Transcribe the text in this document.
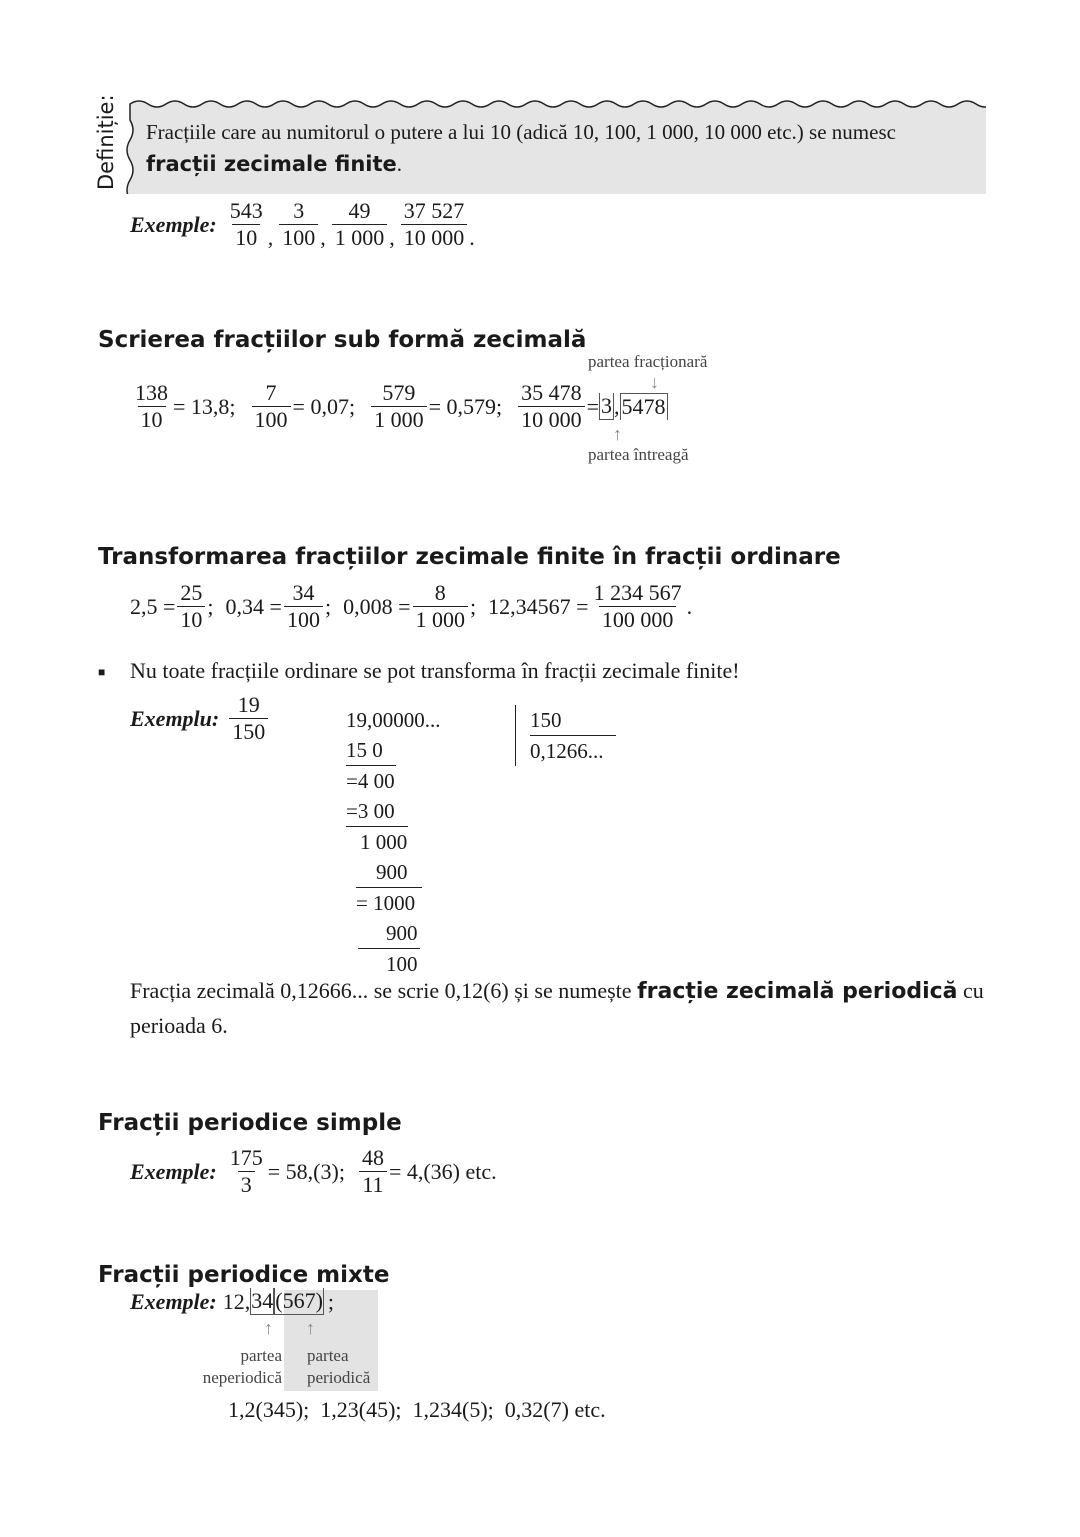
Definiție: Fracțiile care au numitorul o putere a lui 10 (adică 10, 100, 1 000, 10 000 etc.) se numesc
fracții zecimale finite.
Exemple: $\frac{543}{10}$ , $\frac{3}{100}$ , $\frac{49}{1 000}$ , $\frac{37 527}{10 000}$ .
Scrierea fracțiilor sub formă zecimală
partea fracționară
↓
$\frac{138}{10} = 13,8$; $\frac{7}{100} = 0,07$; $\frac{579}{1 000} = 0,579$; $\frac{35 478}{10 000} = 3$ , 5478
↑
partea întreagă
Transformarea fracțiilor zecimale finite în fracții ordinare
$2,5 = \frac{25}{10}$ ; $0,34 = \frac{34}{100}$ ; $0,008 = \frac{8}{1 000}$ ; $12,34567 = \frac{1 234 567}{100 000}$ .
■ Nu toate fracțiile ordinare se pot transforma în fracții zecimale finite!
Exemplu: $\frac{19}{150}$	19,00000...
15 0
=4 00
=3 00
1 000
900
= 1000
900
100
150
0,1266...
Fracția zecimală 0,12666... se scrie 0,12(6) și se numește fracție zecimală periodică cu
perioada 6.
Fracții periodice simple
Exemple: $\frac{175}{3} = 58,(3)$; $\frac{48}{11} = 4,(36)$ etc.
Fracții periodice mixte
Exemple: 12, 34 (567) ;
↑ ↑
partea
neperiodică
partea
periodică
1,2(345);  1,23(45);  1,234(5);  0,32(7) etc.
